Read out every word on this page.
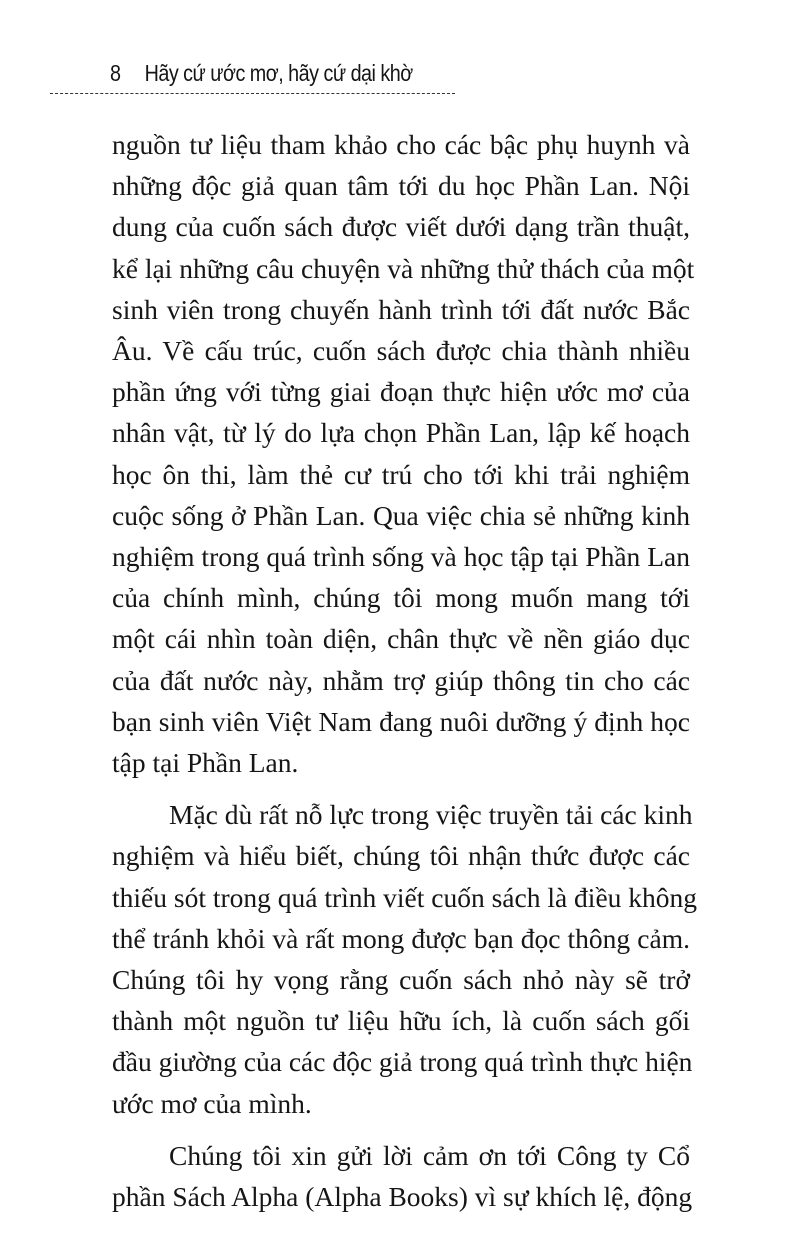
8 Hãy cứ ước mơ, hãy cứ dại khờ
nguồn tư liệu tham khảo cho các bậc phụ huynh và
những độc giả quan tâm tới du học Phần Lan. Nội
dung của cuốn sách được viết dưới dạng trần thuật,
kể lại những câu chuyện và những thử thách của một
sinh viên trong chuyến hành trình tới đất nước Bắc
Âu. Về cấu trúc, cuốn sách được chia thành nhiều
phần ứng với từng giai đoạn thực hiện ước mơ của
nhân vật, từ lý do lựa chọn Phần Lan, lập kế hoạch
học ôn thi, làm thẻ cư trú cho tới khi trải nghiệm
cuộc sống ở Phần Lan. Qua việc chia sẻ những kinh
nghiệm trong quá trình sống và học tập tại Phần Lan
của chính mình, chúng tôi mong muốn mang tới
một cái nhìn toàn diện, chân thực về nền giáo dục
của đất nước này, nhằm trợ giúp thông tin cho các
bạn sinh viên Việt Nam đang nuôi dưỡng ý định học
tập tại Phần Lan.
Mặc dù rất nỗ lực trong việc truyền tải các kinh
nghiệm và hiểu biết, chúng tôi nhận thức được các
thiếu sót trong quá trình viết cuốn sách là điều không
thể tránh khỏi và rất mong được bạn đọc thông cảm.
Chúng tôi hy vọng rằng cuốn sách nhỏ này sẽ trở
thành một nguồn tư liệu hữu ích, là cuốn sách gối
đầu giường của các độc giả trong quá trình thực hiện
ước mơ của mình.
Chúng tôi xin gửi lời cảm ơn tới Công ty Cổ
phần Sách Alpha (Alpha Books) vì sự khích lệ, động
